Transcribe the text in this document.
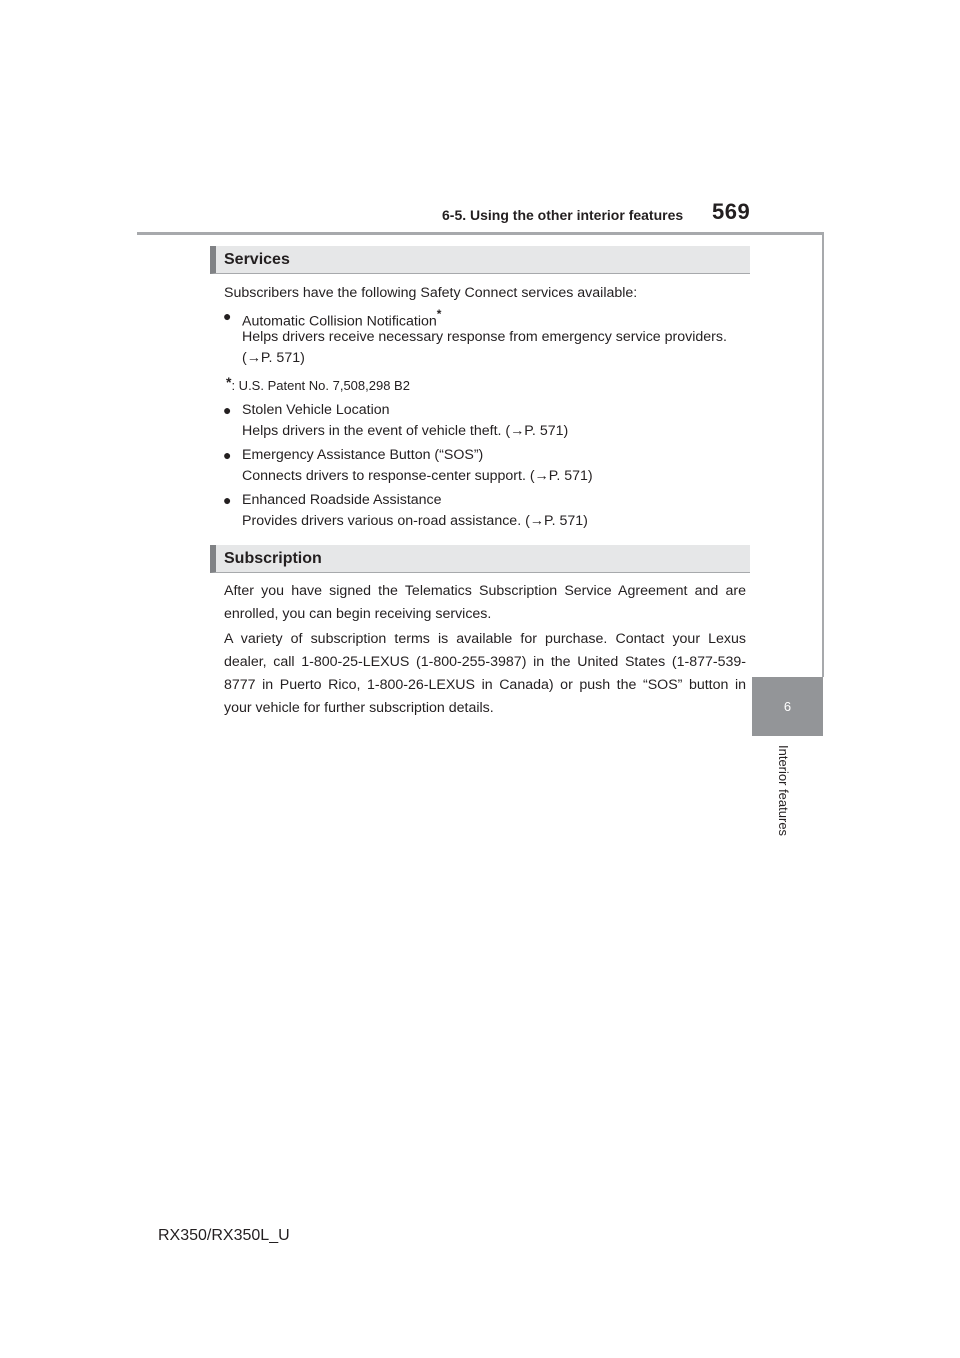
6-5. Using the other interior features 569
6
Interior features
Services
Subscribers have the following Safety Connect services available:
● Automatic Collision Notification*
Helps drivers receive necessary response from emergency service providers.
(→P. 571)
*: U.S. Patent No. 7,508,298 B2
● Stolen Vehicle Location
Helps drivers in the event of vehicle theft. (→P. 571)
● Emergency Assistance Button (“SOS”)
Connects drivers to response-center support. (→P. 571)
● Enhanced Roadside Assistance
Provides drivers various on-road assistance. (→P. 571)
Subscription
After you have signed the Telematics Subscription Service Agreement and are enrolled, you can begin receiving services.
A variety of subscription terms is available for purchase. Contact your Lexus dealer, call 1-800-25-LEXUS (1-800-255-3987) in the United States (1-877-539-8777 in Puerto Rico, 1-800-26-LEXUS in Canada) or push the “SOS” button in your vehicle for further subscription details.
RX350/RX350L_U
